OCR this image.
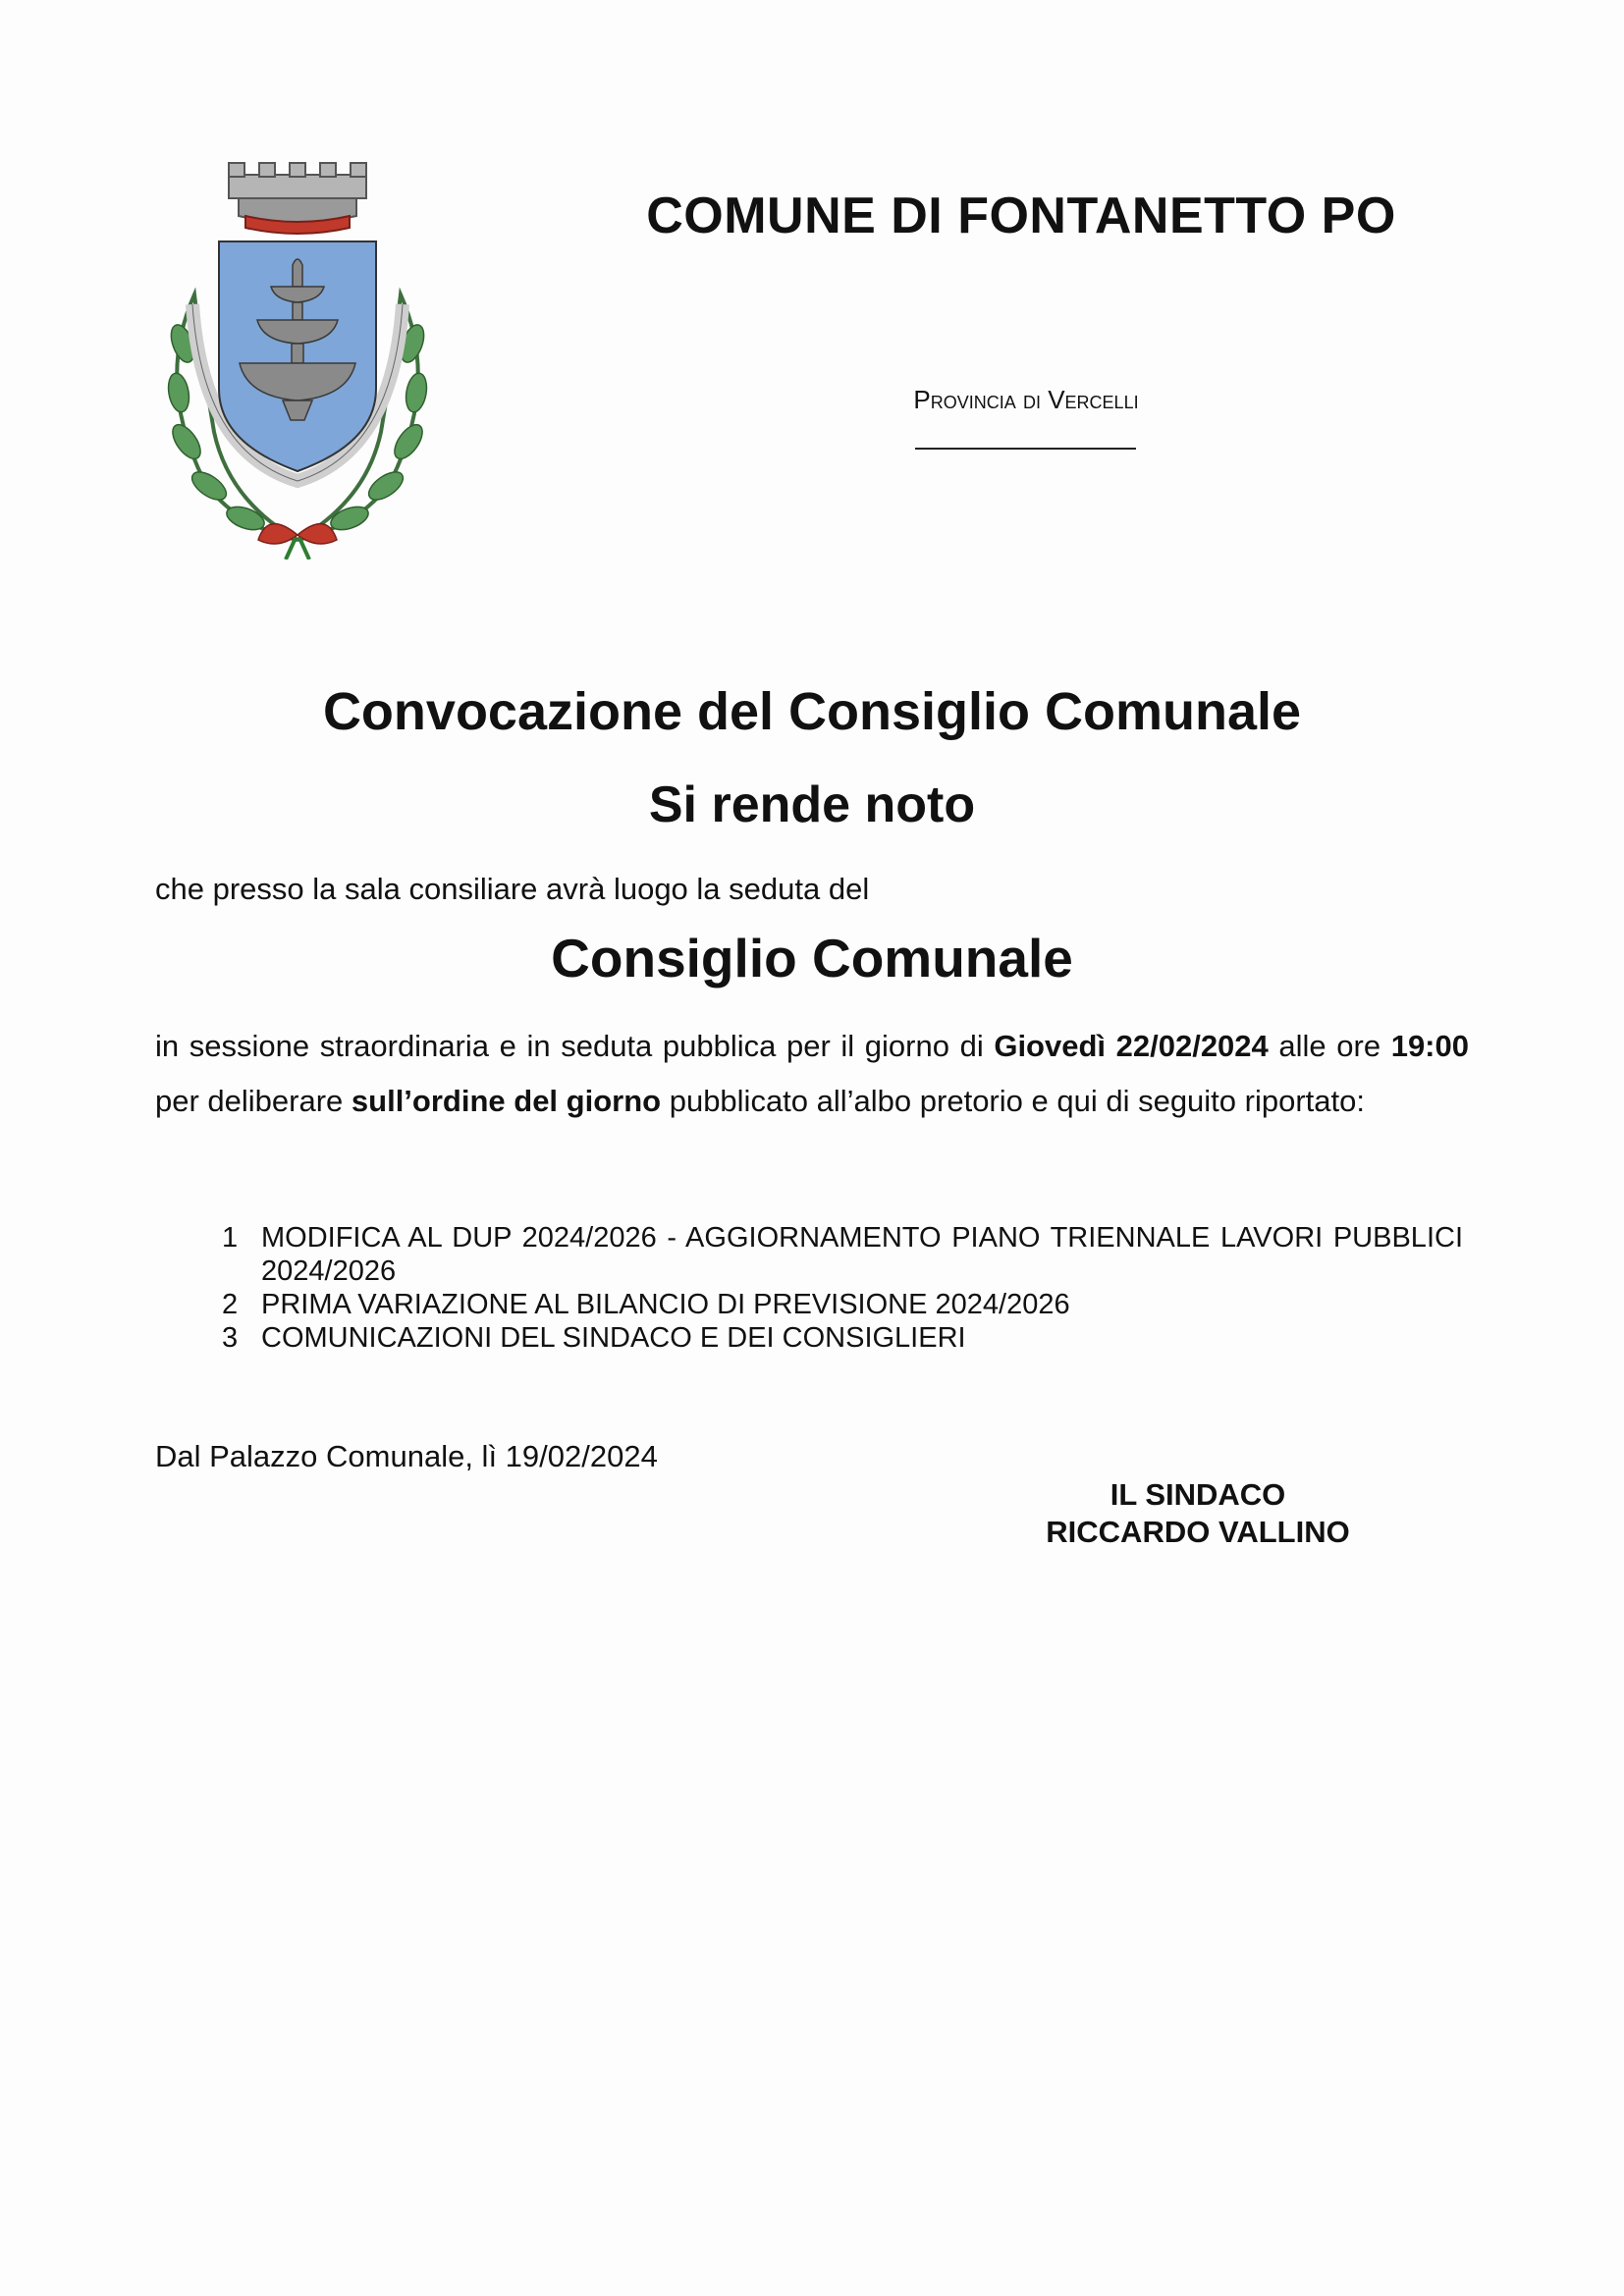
COMUNE DI FONTANETTO PO
Provincia di Vercelli
Convocazione del Consiglio Comunale
Si rende noto
che presso la sala consiliare avrà luogo la seduta del
Consiglio Comunale
in sessione straordinaria e in seduta pubblica per il giorno di Giovedì 22/02/2024 alle ore 19:00 per deliberare sull’ordine del giorno pubblicato all’albo pretorio e qui di seguito riportato:
1 MODIFICA AL DUP 2024/2026 - AGGIORNAMENTO PIANO TRIENNALE LAVORI PUBBLICI 2024/2026
2 PRIMA VARIAZIONE AL BILANCIO DI PREVISIONE 2024/2026
3 COMUNICAZIONI DEL SINDACO E DEI CONSIGLIERI
Dal Palazzo Comunale, lì 19/02/2024
IL SINDACO
RICCARDO VALLINO
